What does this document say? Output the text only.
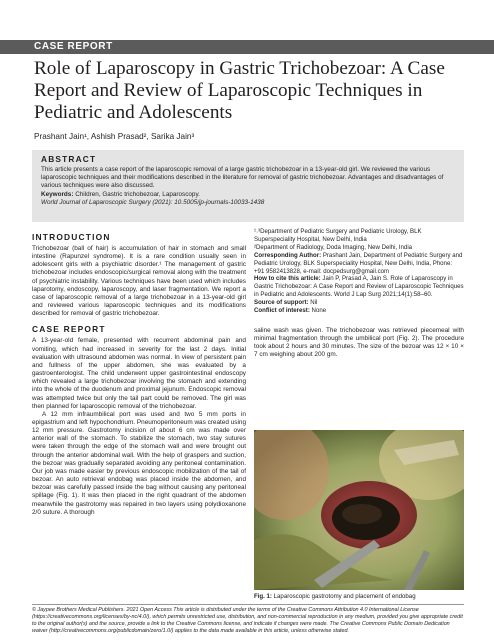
CASE REPORT
Role of Laparoscopy in Gastric Trichobezoar: A Case Report and Review of Laparoscopic Techniques in Pediatric and Adolescents
Prashant Jain¹, Ashish Prasad², Sarika Jain³
ABSTRACT

This article presents a case report of the laparoscopic removal of a large gastric trichobezoar in a 13-year-old girl. We reviewed the various laparoscopic techniques and their modifications described in the literature for removal of gastric trichobezoar. Advantages and disadvantages of various techniques were also discussed.

Keywords: Children, Gastric trichobezoar, Laparoscopy.

World Journal of Laparoscopic Surgery (2021): 10.5005/jp-journals-10033-1438

INTRODUCTION

Trichobezoar (ball of hair) is accumulation of hair in stomach and small intestine (Rapunzel syndrome). It is a rare condition usually seen in adolescent girls with a psychiatric disorder.¹ The management of gastric trichobezoar includes endoscopic/surgical removal along with the treatment of psychiatric instability. Various techniques have been used which includes laparotomy, endoscopy, laparoscopy, and laser fragmentation. We report a case of laparoscopic removal of a large trichobezoar in a 13-year-old girl and reviewed various laparoscopic techniques and its modifications described for removal of gastric trichobezoar.

CASE REPORT

A 13-year-old female, presented with recurrent abdominal pain and vomiting, which had increased in severity for the last 2 days. Initial evaluation with ultrasound abdomen was normal. In view of persistent pain and fullness of the upper abdomen, she was evaluated by a gastroenterologist. The child underwent upper gastrointestinal endoscopy which revealed a large trichobezoar involving the stomach and extending into the whole of the duodenum and proximal jejunum. Endoscopic removal was attempted twice but only the tail part could be removed. The girl was then planned for laparoscopic removal of the trichobezoar.

A 12 mm infraumbilical port was used and two 5 mm ports in epigastrium and left hypochondrium. Pneumoperitoneum was created using 12 mm pressure. Gastrotomy incision of about 6 cm was made over anterior wall of the stomach. To stabilize the stomach, two stay sutures were taken through the edge of the stomach wall and were brought out through the anterior abdominal wall. With the help of graspers and suction, the bezoar was gradually separated avoiding any peritoneal contamination. Our job was made easier by previous endoscopic mobilization of the tail of bezoar. An auto retrieval endobag was placed inside the abdomen, and bezoar was carefully passed inside the bag without causing any peritoneal spillage (Fig. 1). It was then placed in the right quadrant of the abdomen meanwhile the gastrotomy was repaired in two layers using polydioxanone 2/0 suture. A thorough

¹˒³Department of Pediatric Surgery and Pediatric Urology, BLK Superspeciality Hospital, New Delhi, India

²Department of Radiology, Doda Imaging, New Delhi, India

Corresponding Author: Prashant Jain, Department of Pediatric Surgery and Pediatric Urology, BLK Superspeciality Hospital, New Delhi, India, Phone: +91 9582413828, e-mail: docpedsurg@gmail.com

How to cite this article: Jain P, Prasad A, Jain S. Role of Laparoscopy in Gastric Trichobezoar: A Case Report and Review of Laparoscopic Techniques in Pediatric and Adolescents. World J Lap Surg 2021;14(1):58–60.

Source of support: Nil

Conflict of interest: None

saline wash was given. The trichobezoar was retrieved piecemeal with minimal fragmentation through the umbilical port (Fig. 2). The procedure took about 2 hours and 30 minutes. The size of the bezoar was 12 × 10 × 7 cm weighing about 200 gm.

Fig. 1: Laparoscopic gastrotomy and placement of endobag
© Jaypee Brothers Medical Publishers. 2021 Open Access This article is distributed under the terms of the Creative Commons Attribution 4.0 International License (https://creativecommons.org/licenses/by-nc/4.0/), which permits unrestricted use, distribution, and non-commercial reproduction in any medium, provided you give appropriate credit to the original author(s) and the source, provide a link to the Creative Commons license, and indicate if changes were made. The Creative Commons Public Domain Dedication waiver (http://creativecommons.org/publicdomain/zero/1.0/) applies to the data made available in this article, unless otherwise stated.
